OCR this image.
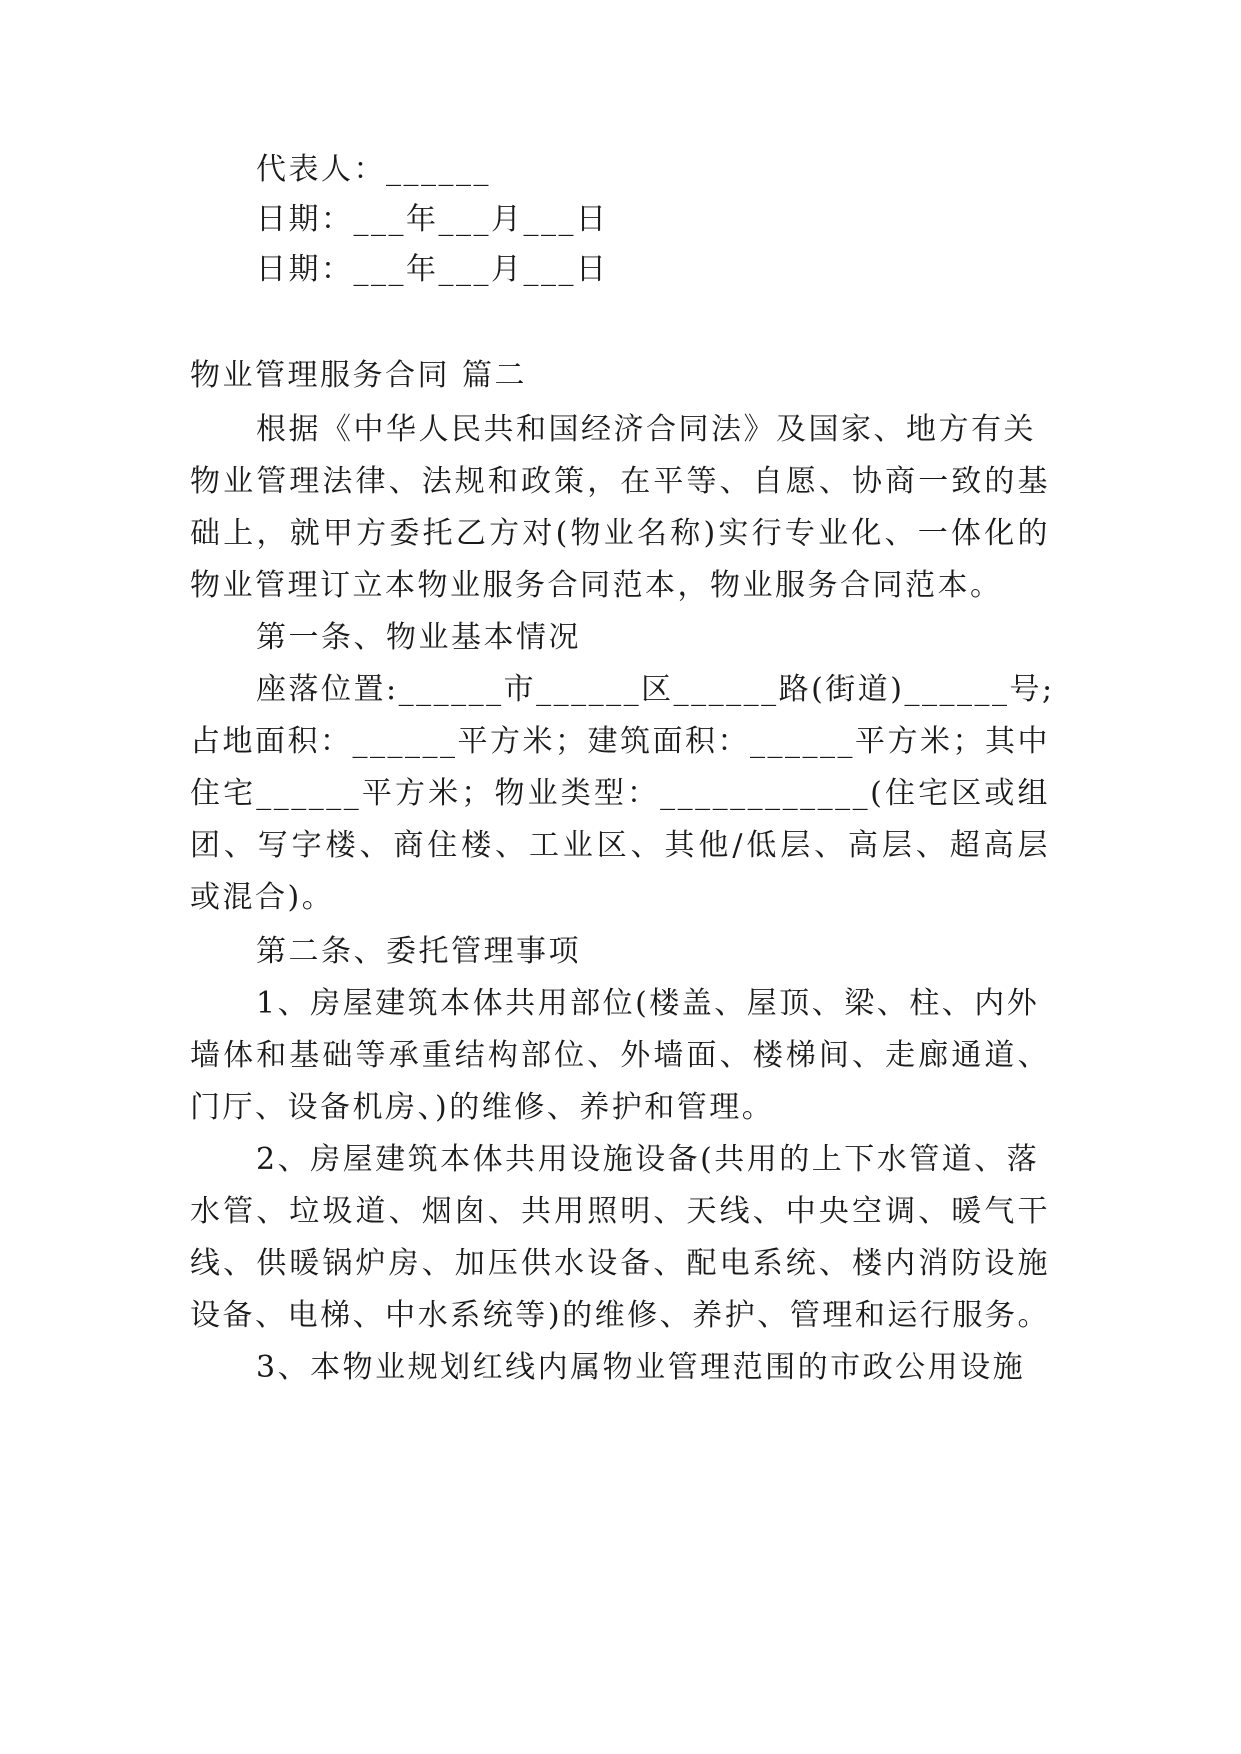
代表人：______
日期：___年___月___日
日期：___年___月___日
物业管理服务合同 篇二
根据《中华人民共和国经济合同法》及国家、地方有关
物业管理法律、法规和政策，在平等、自愿、协商一致的基
础上，就甲方委托乙方对(物业名称)实行专业化、一体化的
物业管理订立本物业服务合同范本，物业服务合同范本。
第一条、物业基本情况
座落位置:______市______区______路(街道)______号;
占地面积：______平方米；建筑面积：______平方米；其中
住宅______平方米；物业类型：____________(住宅区或组
团、写字楼、商住楼、工业区、其他/低层、高层、超高层
或混合)。
第二条、委托管理事项
1、房屋建筑本体共用部位(楼盖、屋顶、梁、柱、内外
墙体和基础等承重结构部位、外墙面、楼梯间、走廊通道、
门厅、设备机房、)的维修、养护和管理。
2、房屋建筑本体共用设施设备(共用的上下水管道、落
水管、垃圾道、烟囱、共用照明、天线、中央空调、暖气干
线、供暖锅炉房、加压供水设备、配电系统、楼内消防设施
设备、电梯、中水系统等)的维修、养护、管理和运行服务。
3、本物业规划红线内属物业管理范围的市政公用设施
